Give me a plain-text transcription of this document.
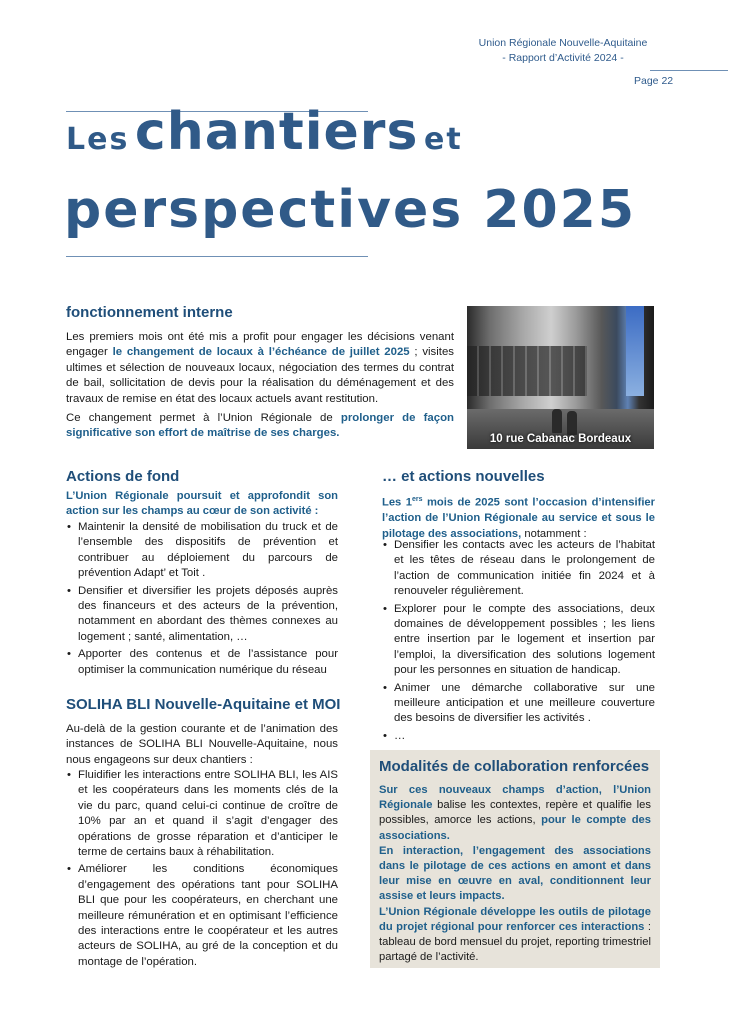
Union Régionale Nouvelle-Aquitaine
- Rapport d’Activité 2024 -
Page 22
Les chantiers et
perspectives 2025
fonctionnement interne
Les premiers mois ont été mis a profit pour engager les décisions venant engager le changement de locaux à l’échéance de juillet 2025 ; visites ultimes et sélection de nouveaux locaux, négociation des termes du contrat de bail, sollicitation de devis pour la réalisation du déménagement et des travaux de remise en état des locaux actuels avant restitution.
Ce changement permet à l’Union Régionale de prolonger de façon significative son effort de maîtrise de ses charges.	10 rue Cabanac Bordeaux
Actions de fond
L’Union Régionale poursuit et approfondit son action sur les champs au cœur de son activité :
• Maintenir la densité de mobilisation du truck et de l’ensemble des dispositifs de prévention et contribuer au déploiement du parcours de prévention Adapt’ et Toit .
• Densifier et diversifier les projets déposés auprès des financeurs et des acteurs de la prévention, notamment en abordant des thèmes connexes au logement ; santé, alimentation, …
• Apporter des contenus et de l’assistance pour optimiser la communication numérique du réseau
SOLIHA BLI Nouvelle-Aquitaine et MOI
Au-delà de la gestion courante et de l’animation des instances de SOLIHA BLI Nouvelle-Aquitaine, nous nous engageons sur deux chantiers :
• Fluidifier les interactions entre SOLIHA BLI, les AIS et les coopérateurs dans les moments clés de la vie du parc, quand celui-ci continue de croître de 10% par an et quand il s’agit d’engager des opérations de grosse réparation et d’anticiper le terme de certains baux à réhabilitation.
• Améliorer les conditions économiques d’engagement des opérations tant pour SOLIHA BLI que pour les coopérateurs, en cherchant une meilleure rémunération et en optimisant l’efficience des interactions entre le coopérateur et les autres acteurs de SOLIHA, au gré de la conception et du montage de l’opération.
… et actions nouvelles
Les 1ers mois de 2025 sont l’occasion d’intensifier l’action de l’Union Régionale au service et sous le pilotage des associations, notamment :
• Densifier les contacts avec les acteurs de l’habitat et les têtes de réseau dans le prolongement de l’action de communication initiée fin 2024 et à renouveler régulièrement.
• Explorer pour le compte des associations, deux domaines de développement possibles ; les liens entre insertion par le logement et insertion par l’emploi, la diversification des solutions logement pour les personnes en situation de handicap.
• Animer une démarche collaborative sur une meilleure anticipation et une meilleure couverture des besoins de diversifier les activités .
• …
Modalités de collaboration renforcées
Sur ces nouveaux champs d’action, l’Union Régionale balise les contextes, repère et qualifie les possibles, amorce les actions, pour le compte des associations.
En interaction, l’engagement des associations dans le pilotage de ces actions en amont et dans leur mise en œuvre en aval, conditionnent leur assise et leurs impacts.
L’Union Régionale développe les outils de pilotage du projet régional pour renforcer ces interactions : tableau de bord mensuel du projet, reporting trimestriel partagé de l’activité.
